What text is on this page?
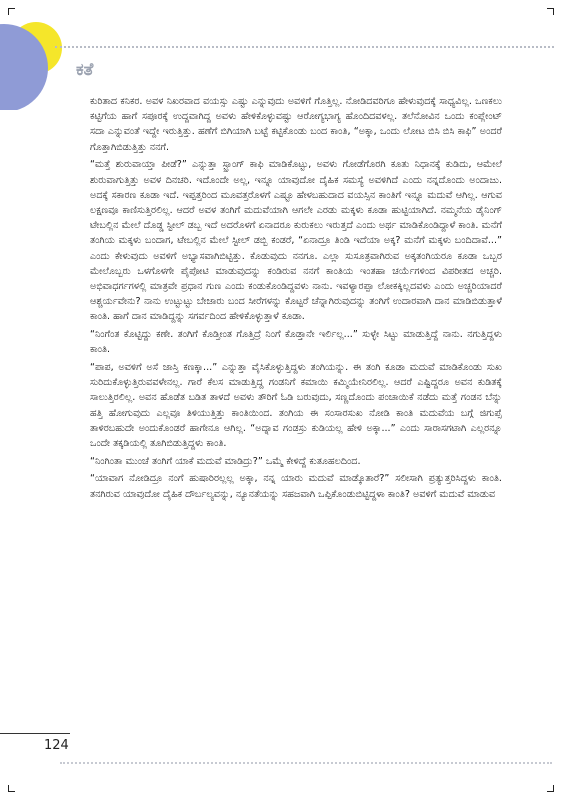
ಕತೆ

ಕುರಿತಾದ ಕನಿಕರ. ಅವಳ ನಿಖರವಾದ ವಯಸ್ಸು ಎಷ್ಟು ಎನ್ನುವುದು ಅವಳಿಗೆ ಗೊತ್ತಿಲ್ಲ. ನೋಡಿದವರಿಗೂ ಹೇಳುವುದಕ್ಕೆ ಸಾಧ್ಯವಿಲ್ಲ. ಒಣಕಲು ಕಟ್ಟಿಗೆಯ ಹಾಗೆ ಸಪೂರಕ್ಕೆ ಉದ್ದವಾಗಿದ್ದ ಅವಳು ಹೇಳಿಕೊಳ್ಳುವಷ್ಟು ಆರೋಗ್ಯಭಾಗ್ಯ ಹೊಂದಿದವಳಲ್ಲ. ತಲೆನೋವಿನ ಒಂದು ಕಂಪ್ಲೇಂಟ್ ಸದಾ ಎನ್ನುವಂತೆ ಇದ್ದೇ ಇರುತ್ತಿತ್ತು. ಹಣೆಗೆ ಬಿಗಿಯಾಗಿ ಬಟ್ಟೆ ಕಟ್ಟಿಕೊಂಡು ಬಂದ ಕಾಂತಿ, “ಅಕ್ಕಾ, ಒಂದು ಲೋಟ ಬಿಸಿ ಬಿಸಿ ಕಾಫಿ” ಅಂದರೆ ಗೊತ್ತಾಗಿಬಿಡುತ್ತಿತ್ತು ನನಗೆ.

“ಮತ್ತೆ ಶುರುವಾಯ್ತಾ ಪೀಡೆ?” ಎನ್ನುತ್ತಾ ಸ್ಟ್ರಾಂಗ್ ಕಾಫಿ ಮಾಡಿಕೊಟ್ಟು, ಅವಳು ಗೋಡೆಗೊರಗಿ ಕೂತು ನಿಧಾನಕ್ಕೆ ಕುಡಿದು, ಆಮೇಲೆ ಶುರುವಾಗುತ್ತಿತ್ತು ಅವಳ ದಿನಚರಿ. ಇದೊಂದೇ ಅಲ್ಲ, ಇನ್ನೂ ಯಾವುದೋ ದೈಹಿಕ ಸಮಸ್ಯೆ ಅವಳಿಗಿದೆ ಎಂದು ನನ್ನದೊಂದು ಅಂದಾಜು. ಅದಕ್ಕೆ ಸಕಾರಣ ಕೂಡಾ ಇದೆ. ಇಪ್ಪತ್ತರಿಂದ ಮೂವತ್ತರೊಳಗೆ ಎಷ್ಟೂ ಹೇಳಬಹುದಾದ ವಯಸ್ಸಿನ ಕಾಂತಿಗೆ ಇನ್ನೂ ಮದುವೆ ಆಗಿಲ್ಲ. ಆಗುವ ಲಕ್ಷಣವೂ ಕಾಣಿಸುತ್ತಿರಲಿಲ್ಲ. ಆದರೆ ಅವಳ ತಂಗಿಗೆ ಮದುವೆಯಾಗಿ ಆಗಲೇ ಎರಡು ಮಕ್ಕಳು ಕೂಡಾ ಹುಟ್ಟಿಯಾಗಿದೆ. ನಮ್ಮನೆಯ ಡೈನಿಂಗ್ ಟೇಬಲ್ಲಿನ ಮೇಲೆ ದೊಡ್ಡ ಸ್ಟೀಲ್ ಡಬ್ಬ ಇದೆ ಅದರೊಳಗೆ ಏನಾದರೂ ಕುರುಕಲು ಇರುತ್ತದೆ ಎಂದು ಅರ್ಥ ಮಾಡಿಕೊಂಡಿದ್ದಾಳೆ ಕಾಂತಿ. ಮನೆಗೆ ತಂಗಿಯ ಮಕ್ಕಳು ಬಂದಾಗ, ಟೇಬಲ್ಲಿನ ಮೇಲೆ ಸ್ಟೀಲ್ ಡಬ್ಬಿ ಕಂಡರೆ, “ಏನಾದ್ರೂ ತಿಂಡಿ ಇದೆಯಾ ಅಕ್ಕ? ಮನೆಗೆ ಮಕ್ಕಳು ಬಂದಿದಾವೆ...” ಎಂದು ಕೇಳುವುದು ಅವಳಿಗೆ ಅಭ್ಯಾಸವಾಗಿಬಿಟ್ಟಿತ್ತು. ಕೊಡುವುದು ನನಗೂ. ಎಲ್ಲಾ ಸುಸೂತ್ರವಾಗಿರುವ ಅಕ್ಕತಂಗಿಯರೂ ಕೂಡಾ ಒಬ್ಬರ ಮೇಲೊಬ್ಬರು ಒಳಗೊಳಗೇ ಪೈಪೋಟಿ ಮಾಡುವುದನ್ನು ಕಂಡಿರುವ ನನಗೆ ಕಾಂತಿಯ ಇಂತಹಾ ಚರ್ಯೆಗಳಿಂದ ವಿಪರೀತದ ಅಚ್ಚರಿ. ಅಭಿವಾಧರ್ಗಗಳಲ್ಲಿ ಮಾತ್ರವೇ ಪ್ರಧಾನ ಗುಣ ಎಂದು ಕಂಡುಕೊಂಡಿದ್ದವಳು ನಾನು. ಇವಳ್ಯಾರಪ್ಪಾ ಲೋಕಕ್ಕಿಲ್ಲದವಳು ಎಂದು ಅಚ್ಚರಿಯಾದರೆ ಆಶ್ಚರ್ಯವೇನು? ನಾನು ಉಟ್ಟುಟ್ಟು ಬೇಜಾರು ಬಂದ ಸೀರೆಗಳನ್ನು ಕೊಟ್ಟರೆ ಚೆನ್ನಾಗಿರುವುದನ್ನು ತಂಗಿಗೆ ಉದಾರವಾಗಿ ದಾನ ಮಾಡಿಬಿಡುತ್ತಾಳೆ ಕಾಂತಿ. ಹಾಗೆ ದಾನ ಮಾಡಿದ್ದನ್ನು ಸಗರ್ವದಿಂದ ಹೇಳಿಕೊಳ್ಳುತ್ತಾಳೆ ಕೂಡಾ.

“ನಿಂಗೆಂತ ಕೊಟ್ಟಿದ್ದು ಕಣೇ. ತಂಗಿಗೆ ಕೊಡ್ತೀಂತ ಗೊತ್ತಿದ್ರೆ ನಿಂಗೆ ಕೊಡ್ತಾನೇ ಇರ್ಲಿಲ್ಲ...” ಸುಳ್ಳೇ ಸಿಟ್ಟು ಮಾಡುತ್ತಿದ್ದೆ ನಾನು. ನಗುತ್ತಿದ್ದಳು ಕಾಂತಿ.

“ಪಾಪ, ಅವಳಿಗೆ ಅಸೆ ಜಾಸ್ತಿ ಕಣಕ್ಕಾ...” ಎನ್ನುತ್ತಾ ವೈಸಿಕೊಳ್ಳುತ್ತಿದ್ದಳು ತಂಗಿಯನ್ನು. ಈ ತಂಗಿ ಕೂಡಾ ಮದುವೆ ಮಾಡಿಕೊಂಡು ಸುಖ ಸುರಿದುಕೊಳ್ಳುತ್ತಿರುವವಳೇನಲ್ಲ. ಗಾರೆ ಕೆಲಸ ಮಾಡುತ್ತಿದ್ದ ಗಂಡನಿಗೆ ಕಮಾಯಿ ಕಮ್ಮಿಯೇನಿರಲಿಲ್ಲ. ಆದರೆ ಎಷ್ಟಿದ್ದರೂ ಅವನ ಕುಡಿತಕ್ಕೆ ಸಾಲುತ್ತಿರಲಿಲ್ಲ. ಅವನ ಹೊಡೆತ ಬಡಿತ ತಾಳದೆ ಅವಳು ತೌರಿಗೆ ಓಡಿ ಬರುವುದು, ಸಣ್ಣದೊಂದು ಪಂಚಾಯಿಕೆ ನಡೆದು ಮತ್ತೆ ಗಂಡನ ಬೆನ್ನು ಹತ್ತಿ ಹೋಗುವುದು ಎಲ್ಲವೂ ತಿಳಿಯುತ್ತಿತ್ತು ಕಾಂತಿಯಿಂದ. ತಂಗಿಯ ಈ ಸಂಸಾರಸುಖ ನೋಡಿ ಕಾಂತಿ ಮದುವೆಯ ಬಗ್ಗೆ ಜಿಗುಪ್ಸೆ ತಾಳಿರಬಹುದೇ ಅಂದುಕೊಂಡರೆ ಹಾಗೇನೂ ಆಗಿಲ್ಲ. “ಅದ್ನಾವ ಗಂಡಸ್ರು ಕುಡಿಯಲ್ಲ ಹೇಳಿ ಅಕ್ಕಾ...” ಎಂದು ಸಾರಾಸಗಟಾಗಿ ಎಲ್ಲರನ್ನೂ ಒಂದೇ ತಕ್ಕಡಿಯಲ್ಲಿ ತೂಗಿಬಿಡುತ್ತಿದ್ದಳು ಕಾಂತಿ.

“ನಿಂಗಿಂತಾ ಮುಂಚೆ ತಂಗಿಗೆ ಯಾಕೆ ಮದುವೆ ಮಾಡಿದ್ರು?” ಒಮ್ಮೆ ಕೇಳಿದ್ದೆ ಕುತೂಹಲದಿಂದ.

“ಯಾವಾಗ ನೋಡಿದ್ರೂ ನಂಗೆ ಹುಷಾರಿರಲ್ಲಲ್ಲ ಅಕ್ಕಾ, ನನ್ನ ಯಾರು ಮದುವೆ ಮಾಡ್ಕೊತಾರೆ?” ಸಲೀಸಾಗಿ ಪ್ರತ್ಯುತ್ತರಿಸಿದ್ದಳು ಕಾಂತಿ. ತನಗಿರುವ ಯಾವುದೋ ದೈಹಿಕ ದೌರ್ಬಲ್ಯವನ್ನು, ನ್ಯೂನತೆಯನ್ನು ಸಹಜವಾಗಿ ಒಪ್ಪಿಕೊಂಡುಬಿಟ್ಟಿದ್ದಳಾ ಕಾಂತಿ? ಅವಳಿಗೆ ಮದುವೆ ಮಾಡುವ

124
